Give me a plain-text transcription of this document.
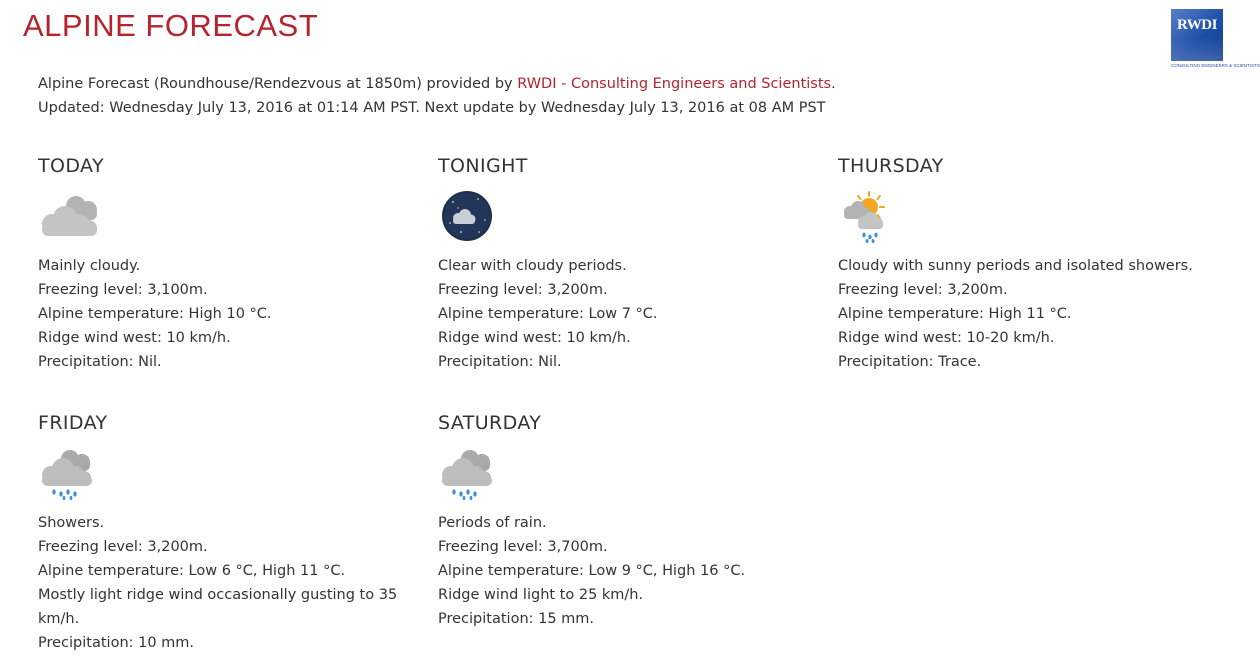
ALPINE FORECAST	RWDI
CONSULTING ENGINEERS & SCIENTISTS
Alpine Forecast (Roundhouse/Rendezvous at 1850m) provided by RWDI - Consulting Engineers and Scientists.
Updated: Wednesday July 13, 2016 at 01:14 AM PST. Next update by Wednesday July 13, 2016 at 08 AM PST
TODAY
Mainly cloudy.
Freezing level: 3,100m.
Alpine temperature: High 10 °C.
Ridge wind west: 10 km/h.
Precipitation: Nil.
TONIGHT
Clear with cloudy periods.
Freezing level: 3,200m.
Alpine temperature: Low 7 °C.
Ridge wind west: 10 km/h.
Precipitation: Nil.
THURSDAY
Cloudy with sunny periods and isolated showers.
Freezing level: 3,200m.
Alpine temperature: High 11 °C.
Ridge wind west: 10-20 km/h.
Precipitation: Trace.
FRIDAY
Showers.
Freezing level: 3,200m.
Alpine temperature: Low 6 °C, High 11 °C.
Mostly light ridge wind occasionally gusting to 35 km/h.
Precipitation: 10 mm.
SATURDAY
Periods of rain.
Freezing level: 3,700m.
Alpine temperature: Low 9 °C, High 16 °C.
Ridge wind light to 25 km/h.
Precipitation: 15 mm.
